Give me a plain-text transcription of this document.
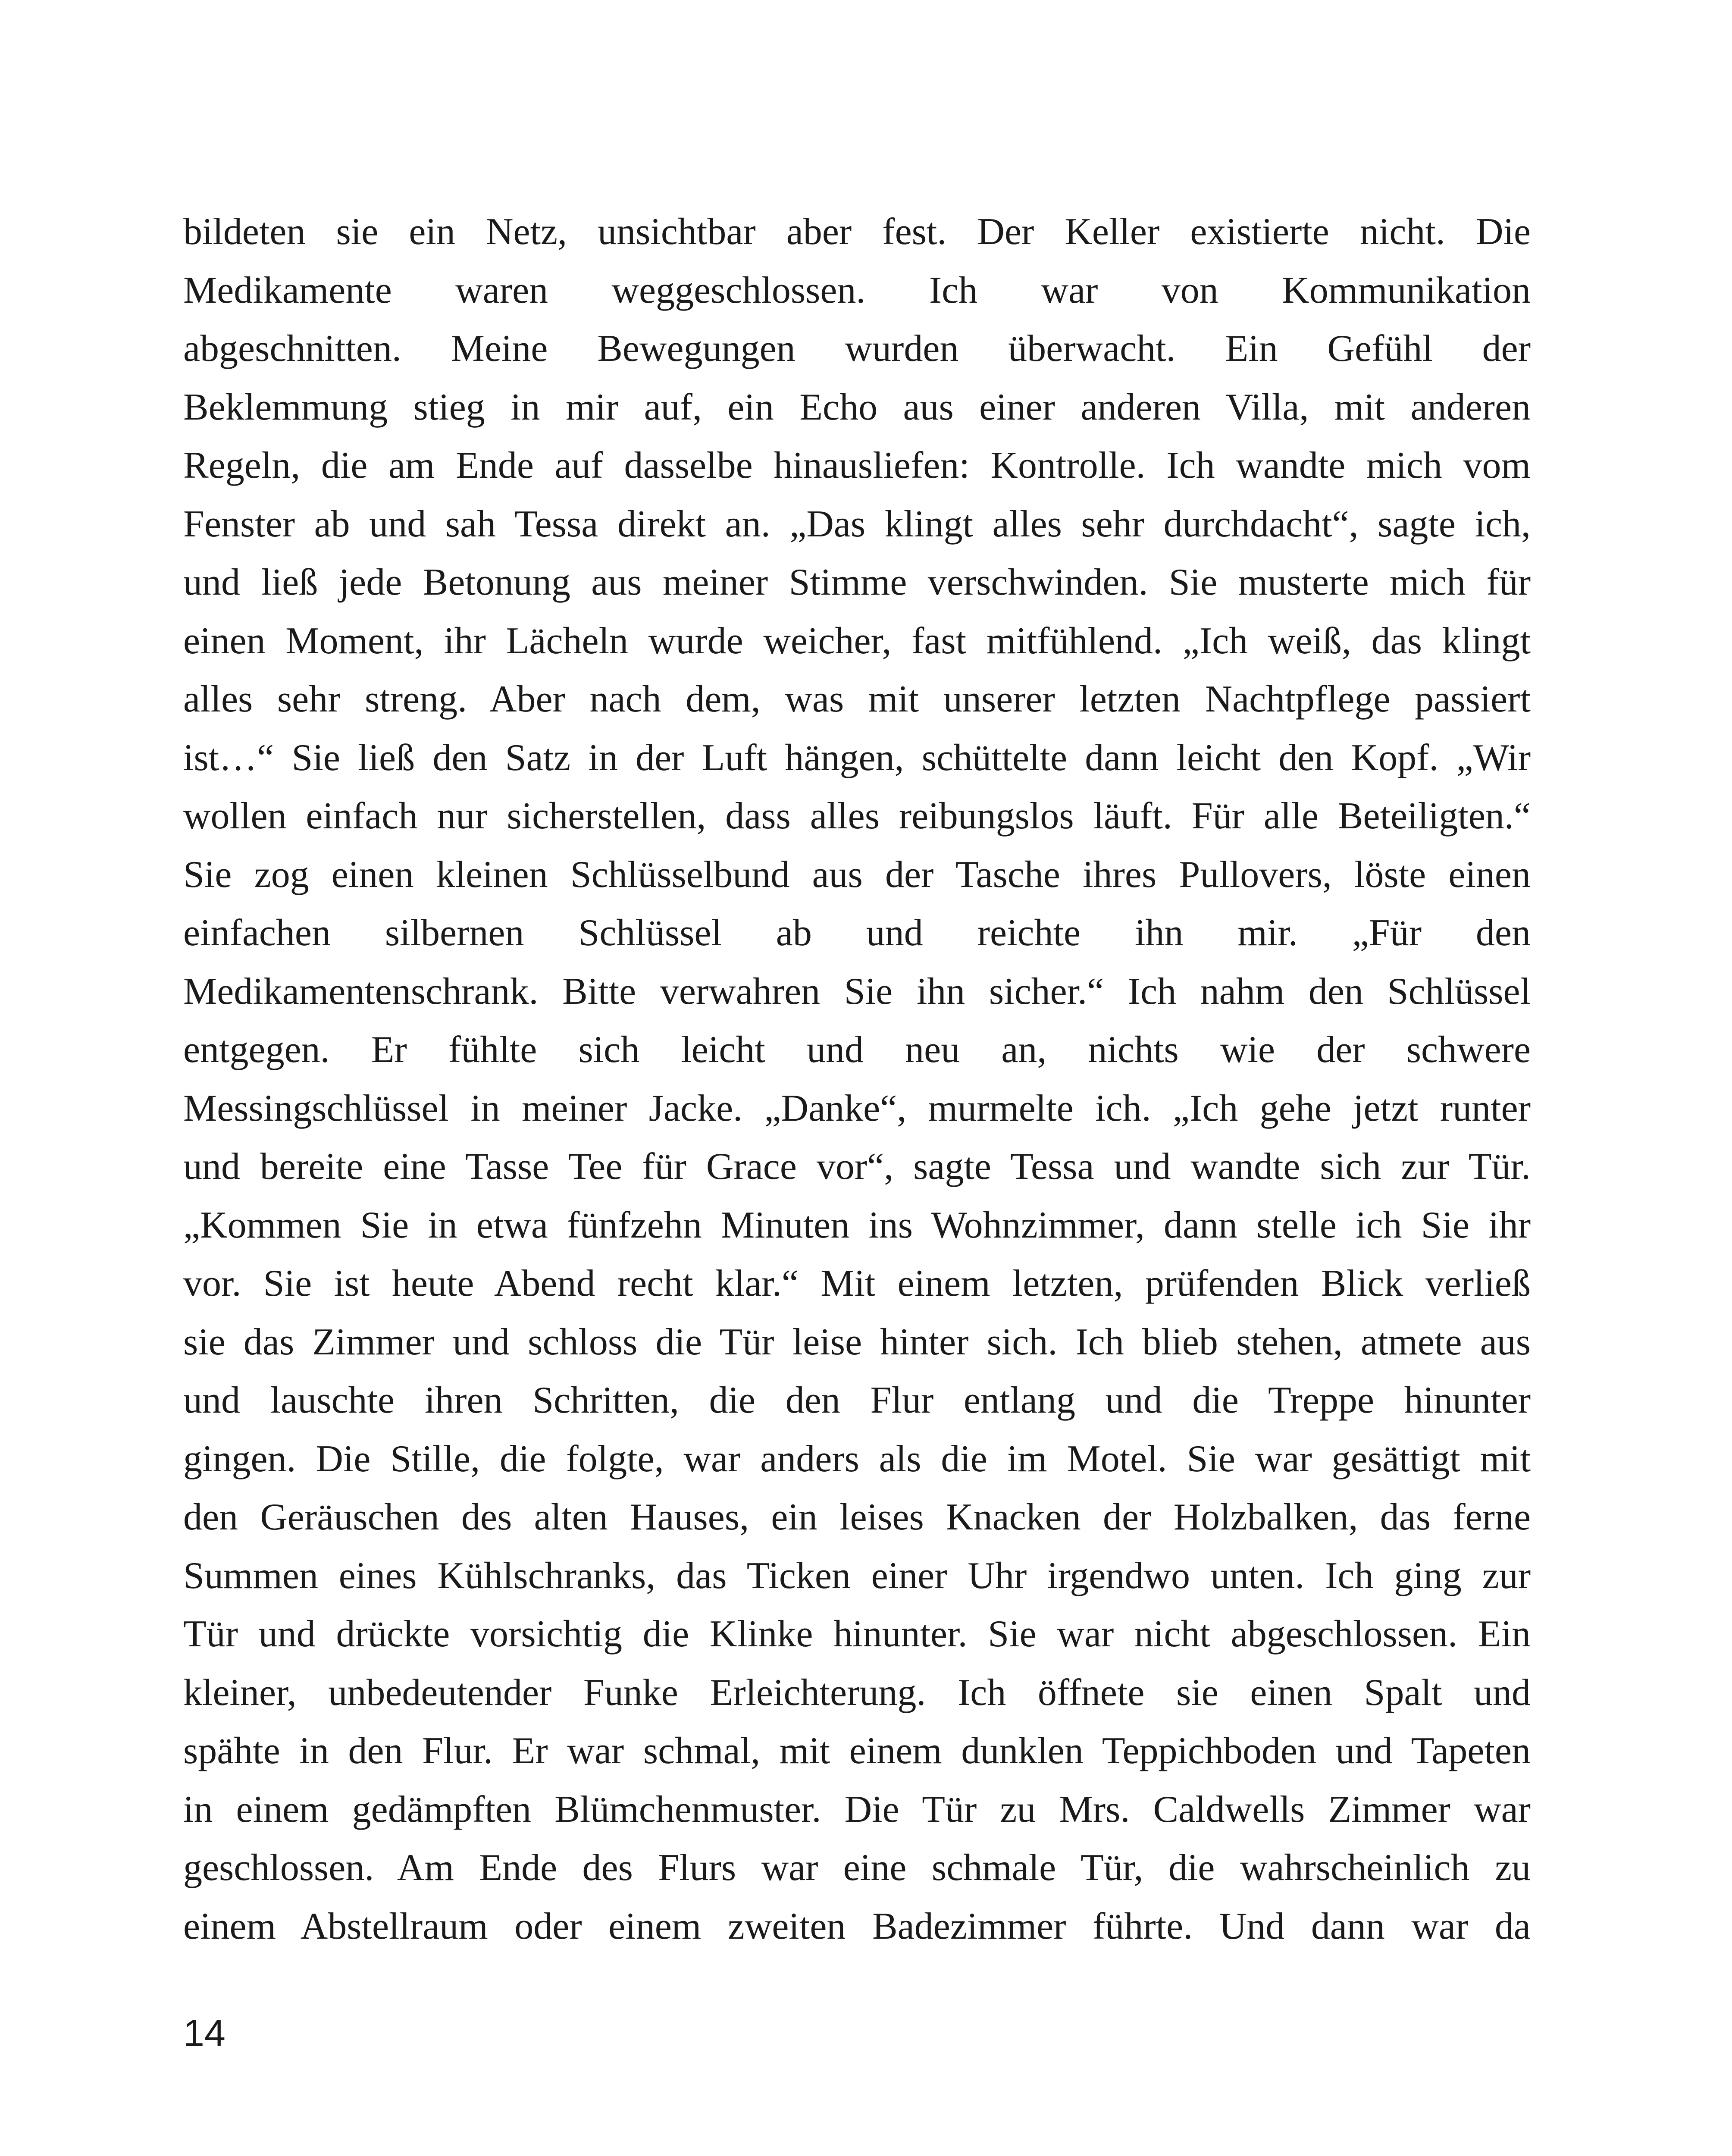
bildeten sie ein Netz, unsichtbar aber fest. Der Keller existierte nicht. Die
Medikamente waren weggeschlossen. Ich war von Kommunikation
abgeschnitten. Meine Bewegungen wurden überwacht. Ein Gefühl der
Beklemmung stieg in mir auf, ein Echo aus einer anderen Villa, mit anderen
Regeln, die am Ende auf dasselbe hinausliefen: Kontrolle. Ich wandte mich vom
Fenster ab und sah Tessa direkt an. „Das klingt alles sehr durchdacht“, sagte ich,
und ließ jede Betonung aus meiner Stimme verschwinden. Sie musterte mich für
einen Moment, ihr Lächeln wurde weicher, fast mitfühlend. „Ich weiß, das klingt
alles sehr streng. Aber nach dem, was mit unserer letzten Nachtpflege passiert
ist…“ Sie ließ den Satz in der Luft hängen, schüttelte dann leicht den Kopf. „Wir
wollen einfach nur sicherstellen, dass alles reibungslos läuft. Für alle Beteiligten.“
Sie zog einen kleinen Schlüsselbund aus der Tasche ihres Pullovers, löste einen
einfachen silbernen Schlüssel ab und reichte ihn mir. „Für den
Medikamentenschrank. Bitte verwahren Sie ihn sicher.“ Ich nahm den Schlüssel
entgegen. Er fühlte sich leicht und neu an, nichts wie der schwere
Messingschlüssel in meiner Jacke. „Danke“, murmelte ich. „Ich gehe jetzt runter
und bereite eine Tasse Tee für Grace vor“, sagte Tessa und wandte sich zur Tür.
„Kommen Sie in etwa fünfzehn Minuten ins Wohnzimmer, dann stelle ich Sie ihr
vor. Sie ist heute Abend recht klar.“ Mit einem letzten, prüfenden Blick verließ
sie das Zimmer und schloss die Tür leise hinter sich. Ich blieb stehen, atmete aus
und lauschte ihren Schritten, die den Flur entlang und die Treppe hinunter
gingen. Die Stille, die folgte, war anders als die im Motel. Sie war gesättigt mit
den Geräuschen des alten Hauses, ein leises Knacken der Holzbalken, das ferne
Summen eines Kühlschranks, das Ticken einer Uhr irgendwo unten. Ich ging zur
Tür und drückte vorsichtig die Klinke hinunter. Sie war nicht abgeschlossen. Ein
kleiner, unbedeutender Funke Erleichterung. Ich öffnete sie einen Spalt und
spähte in den Flur. Er war schmal, mit einem dunklen Teppichboden und Tapeten
in einem gedämpften Blümchenmuster. Die Tür zu Mrs. Caldwells Zimmer war
geschlossen. Am Ende des Flurs war eine schmale Tür, die wahrscheinlich zu
einem Abstellraum oder einem zweiten Badezimmer führte. Und dann war da
14
